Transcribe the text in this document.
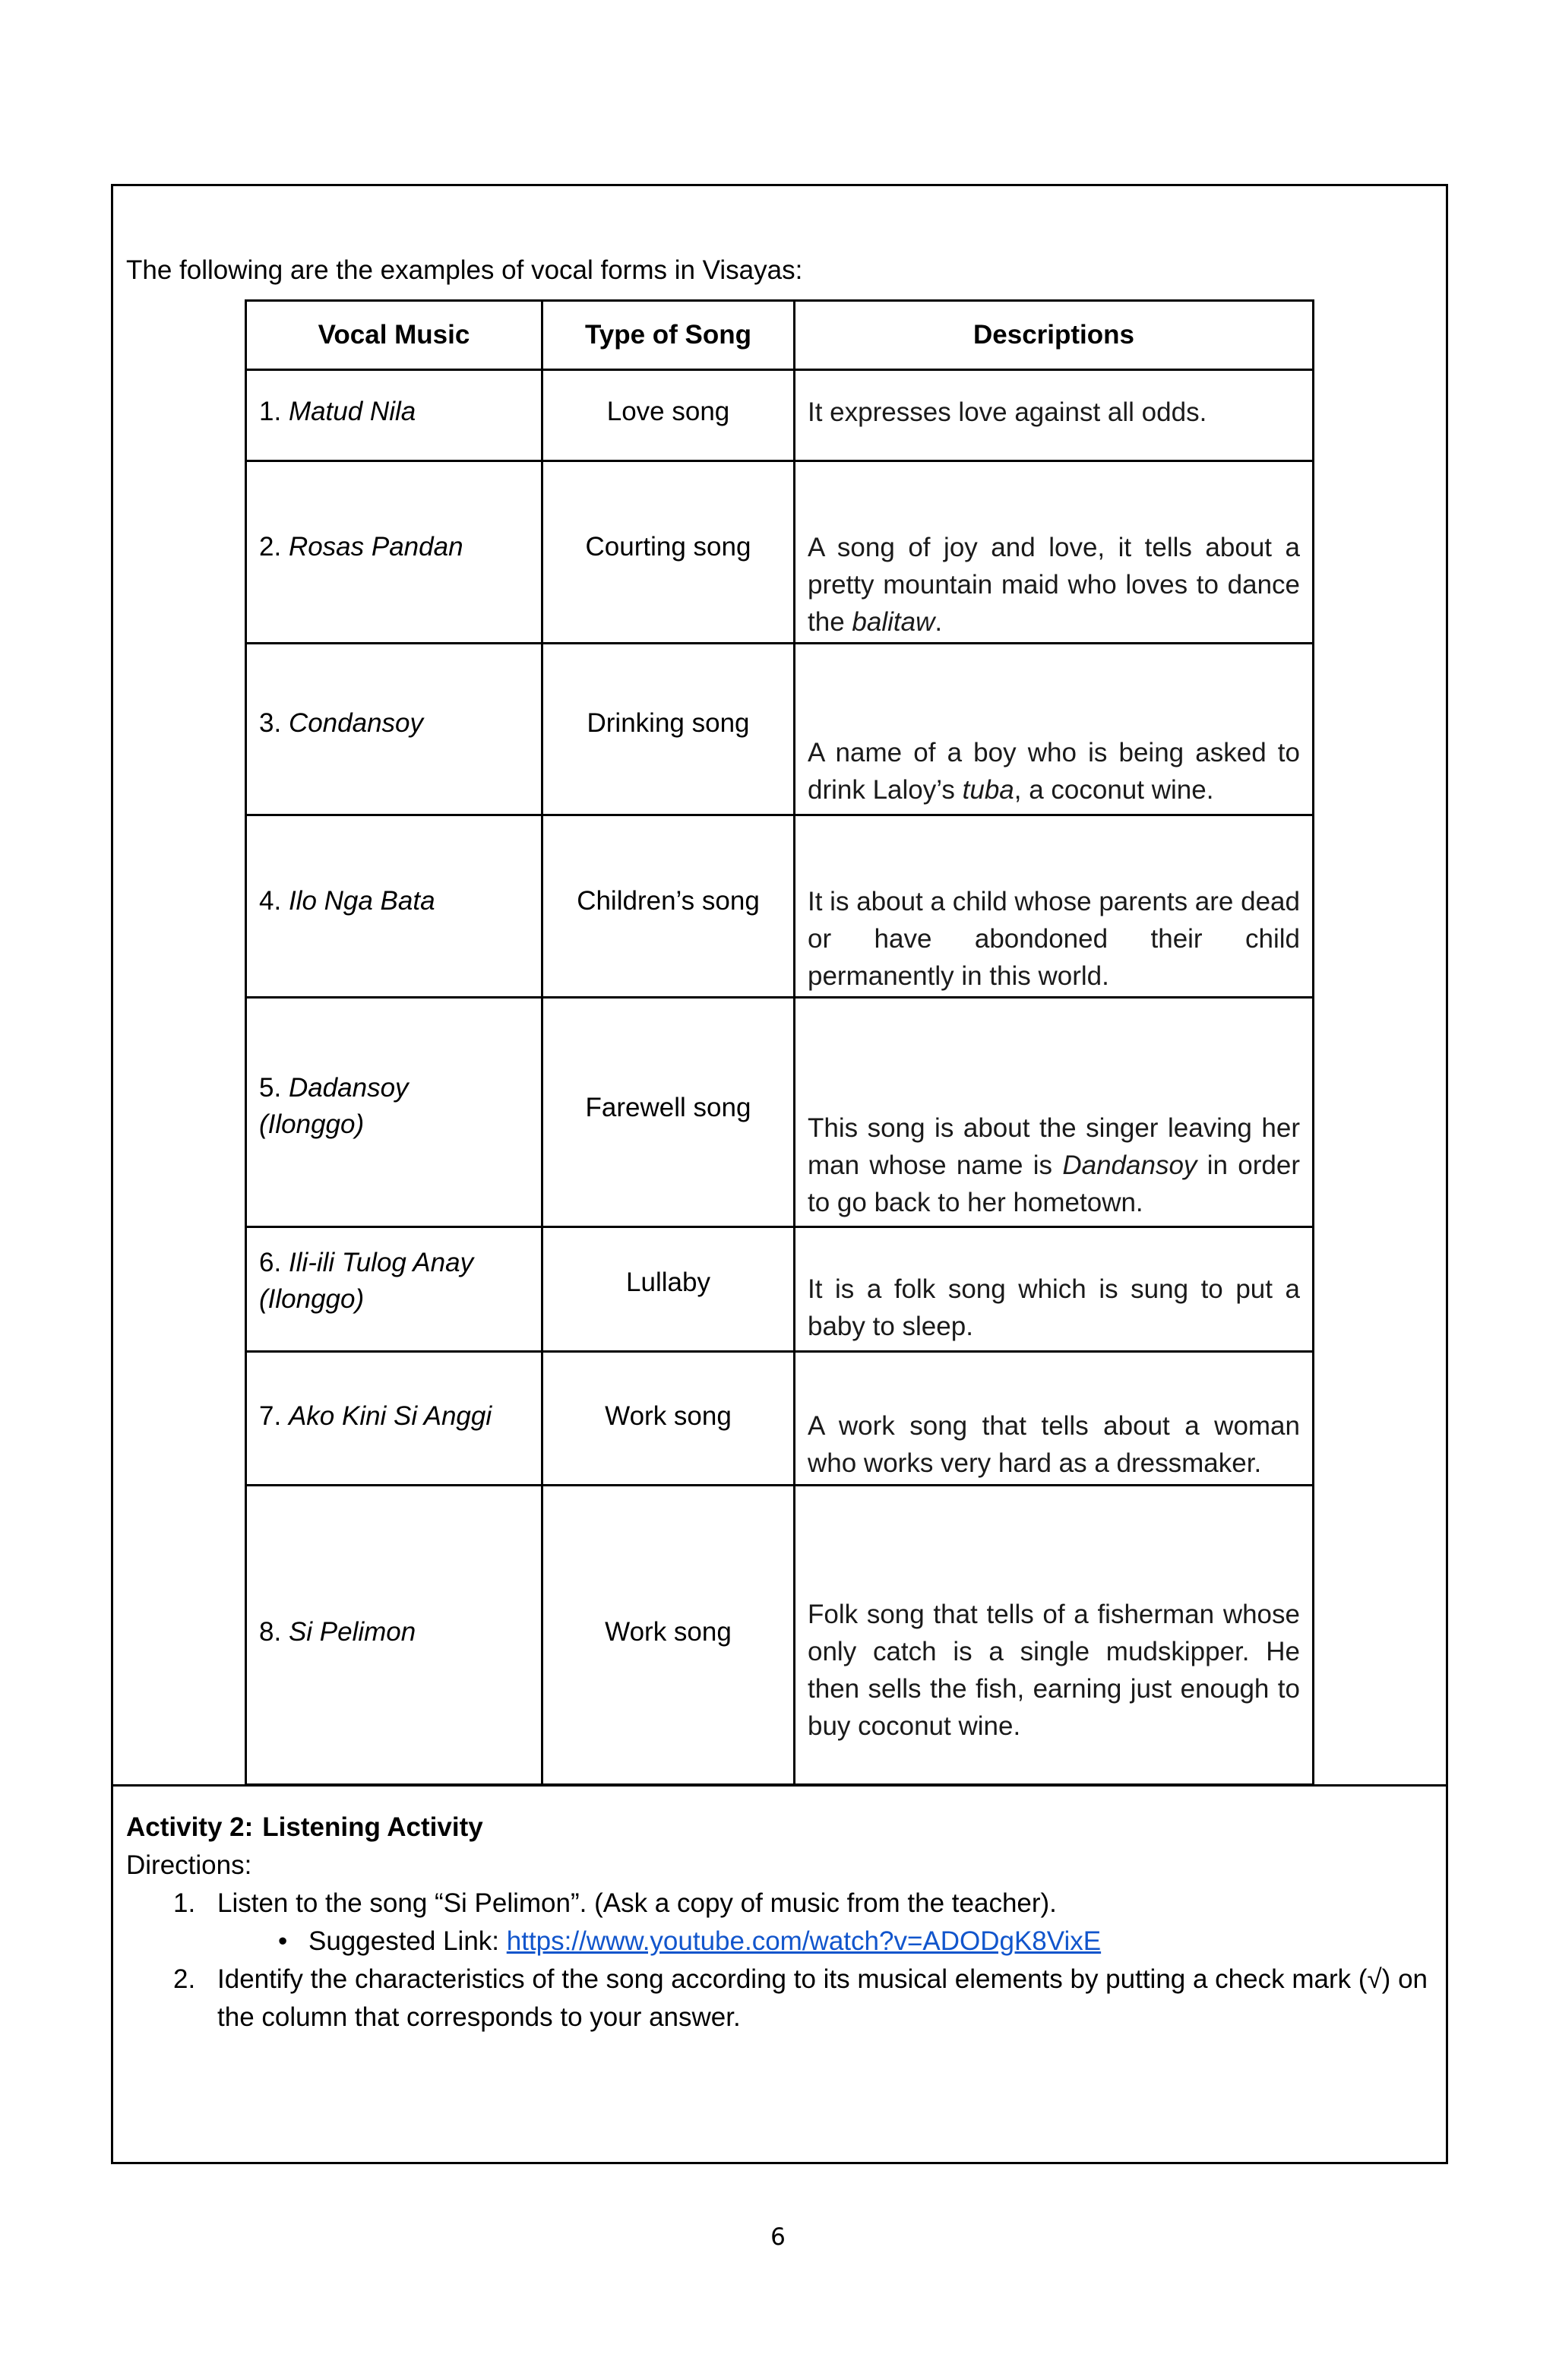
The following are the examples of vocal forms in Visayas:
Vocal Music	Type of Song	Descriptions
1. Matud Nila	Love song	It expresses love against all odds.
2. Rosas Pandan	Courting song	A song of joy and love, it tells about a pretty mountain maid who loves to dance the balitaw.
3. Condansoy	Drinking song	A name of a boy who is being asked to drink Laloy’s tuba, a coconut wine.
4. Ilo Nga Bata	Children’s song	It is about a child whose parents are dead or have abondoned their child permanently in this world.
5. Dadansoy
(Ilonggo)	Farewell song	This song is about the singer leaving her man whose name is Dandansoy in order to go back to her hometown.
6. Ili-ili Tulog Anay
(Ilonggo)	Lullaby	It is a folk song which is sung to put a baby to sleep.
7. Ako Kini Si Anggi	Work song	A work song that tells about a woman who works very hard as a dressmaker.
8. Si Pelimon	Work song	Folk song that tells of a fisherman whose only catch is a single mudskipper. He then sells the fish, earning just enough to buy coconut wine.
Activity 2: Listening Activity
Directions:
1. Listen to the song “Si Pelimon”. (Ask a copy of music from the teacher).
• Suggested Link: https://www.youtube.com/watch?v=ADODgK8VixE
2. Identify the characteristics of the song according to its musical elements by putting a check mark (√) on the column that corresponds to your answer.
6
